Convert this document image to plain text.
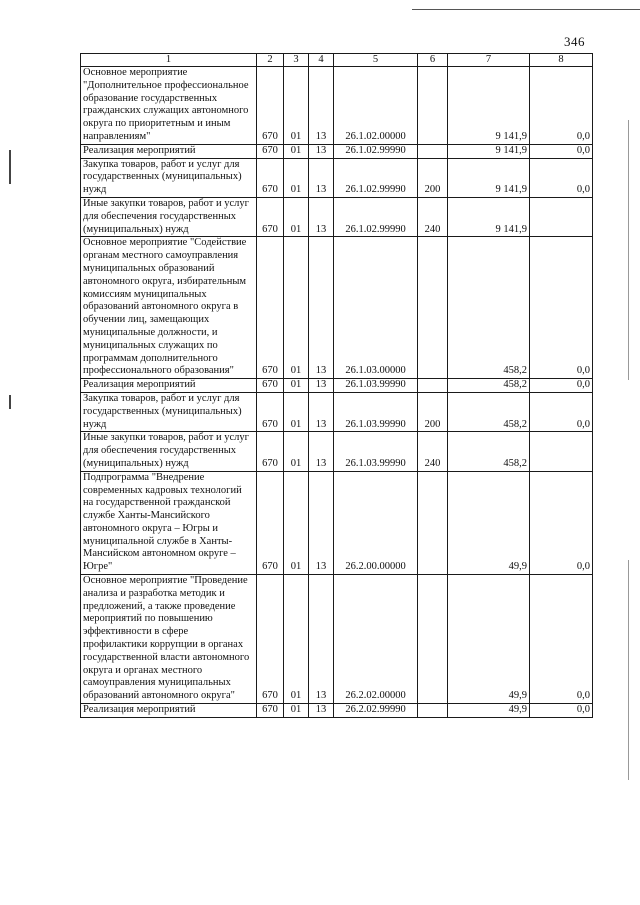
346
1	2	3	4	5	6	7	8
Основное мероприятие "Дополнительное профессиональное образование государственных гражданских служащих автономного округа по приоритетным и иным направлениям"	670	01	13	26.1.02.00000		9 141,9	0,0
Реализация мероприятий	670	01	13	26.1.02.99990		9 141,9	0,0
Закупка товаров, работ и услуг для государственных (муниципальных) нужд	670	01	13	26.1.02.99990	200	9 141,9	0,0
Иные закупки товаров, работ и услуг для обеспечения государственных (муниципальных) нужд	670	01	13	26.1.02.99990	240	9 141,9	
Основное мероприятие "Содействие органам местного самоуправления муниципальных образований автономного округа, избирательным комиссиям муниципальных образований автономного округа в обучении лиц, замещающих муниципальные должности, и муниципальных служащих по программам дополнительного профессионального образования"	670	01	13	26.1.03.00000		458,2	0,0
Реализация мероприятий	670	01	13	26.1.03.99990		458,2	0,0
Закупка товаров, работ и услуг для государственных (муниципальных) нужд	670	01	13	26.1.03.99990	200	458,2	0,0
Иные закупки товаров, работ и услуг для обеспечения государственных (муниципальных) нужд	670	01	13	26.1.03.99990	240	458,2	
Подпрограмма "Внедрение современных кадровых технологий на государственной гражданской службе Ханты-Мансийского автономного округа – Югры и муниципальной службе в Ханты-Мансийском автономном округе – Югре"	670	01	13	26.2.00.00000		49,9	0,0
Основное мероприятие "Проведение анализа и разработка методик и предложений, а также проведение мероприятий по повышению эффективности в сфере профилактики коррупции в органах государственной власти автономного округа и органах местного самоуправления муниципальных образований автономного округа"	670	01	13	26.2.02.00000		49,9	0,0
Реализация мероприятий	670	01	13	26.2.02.99990		49,9	0,0
